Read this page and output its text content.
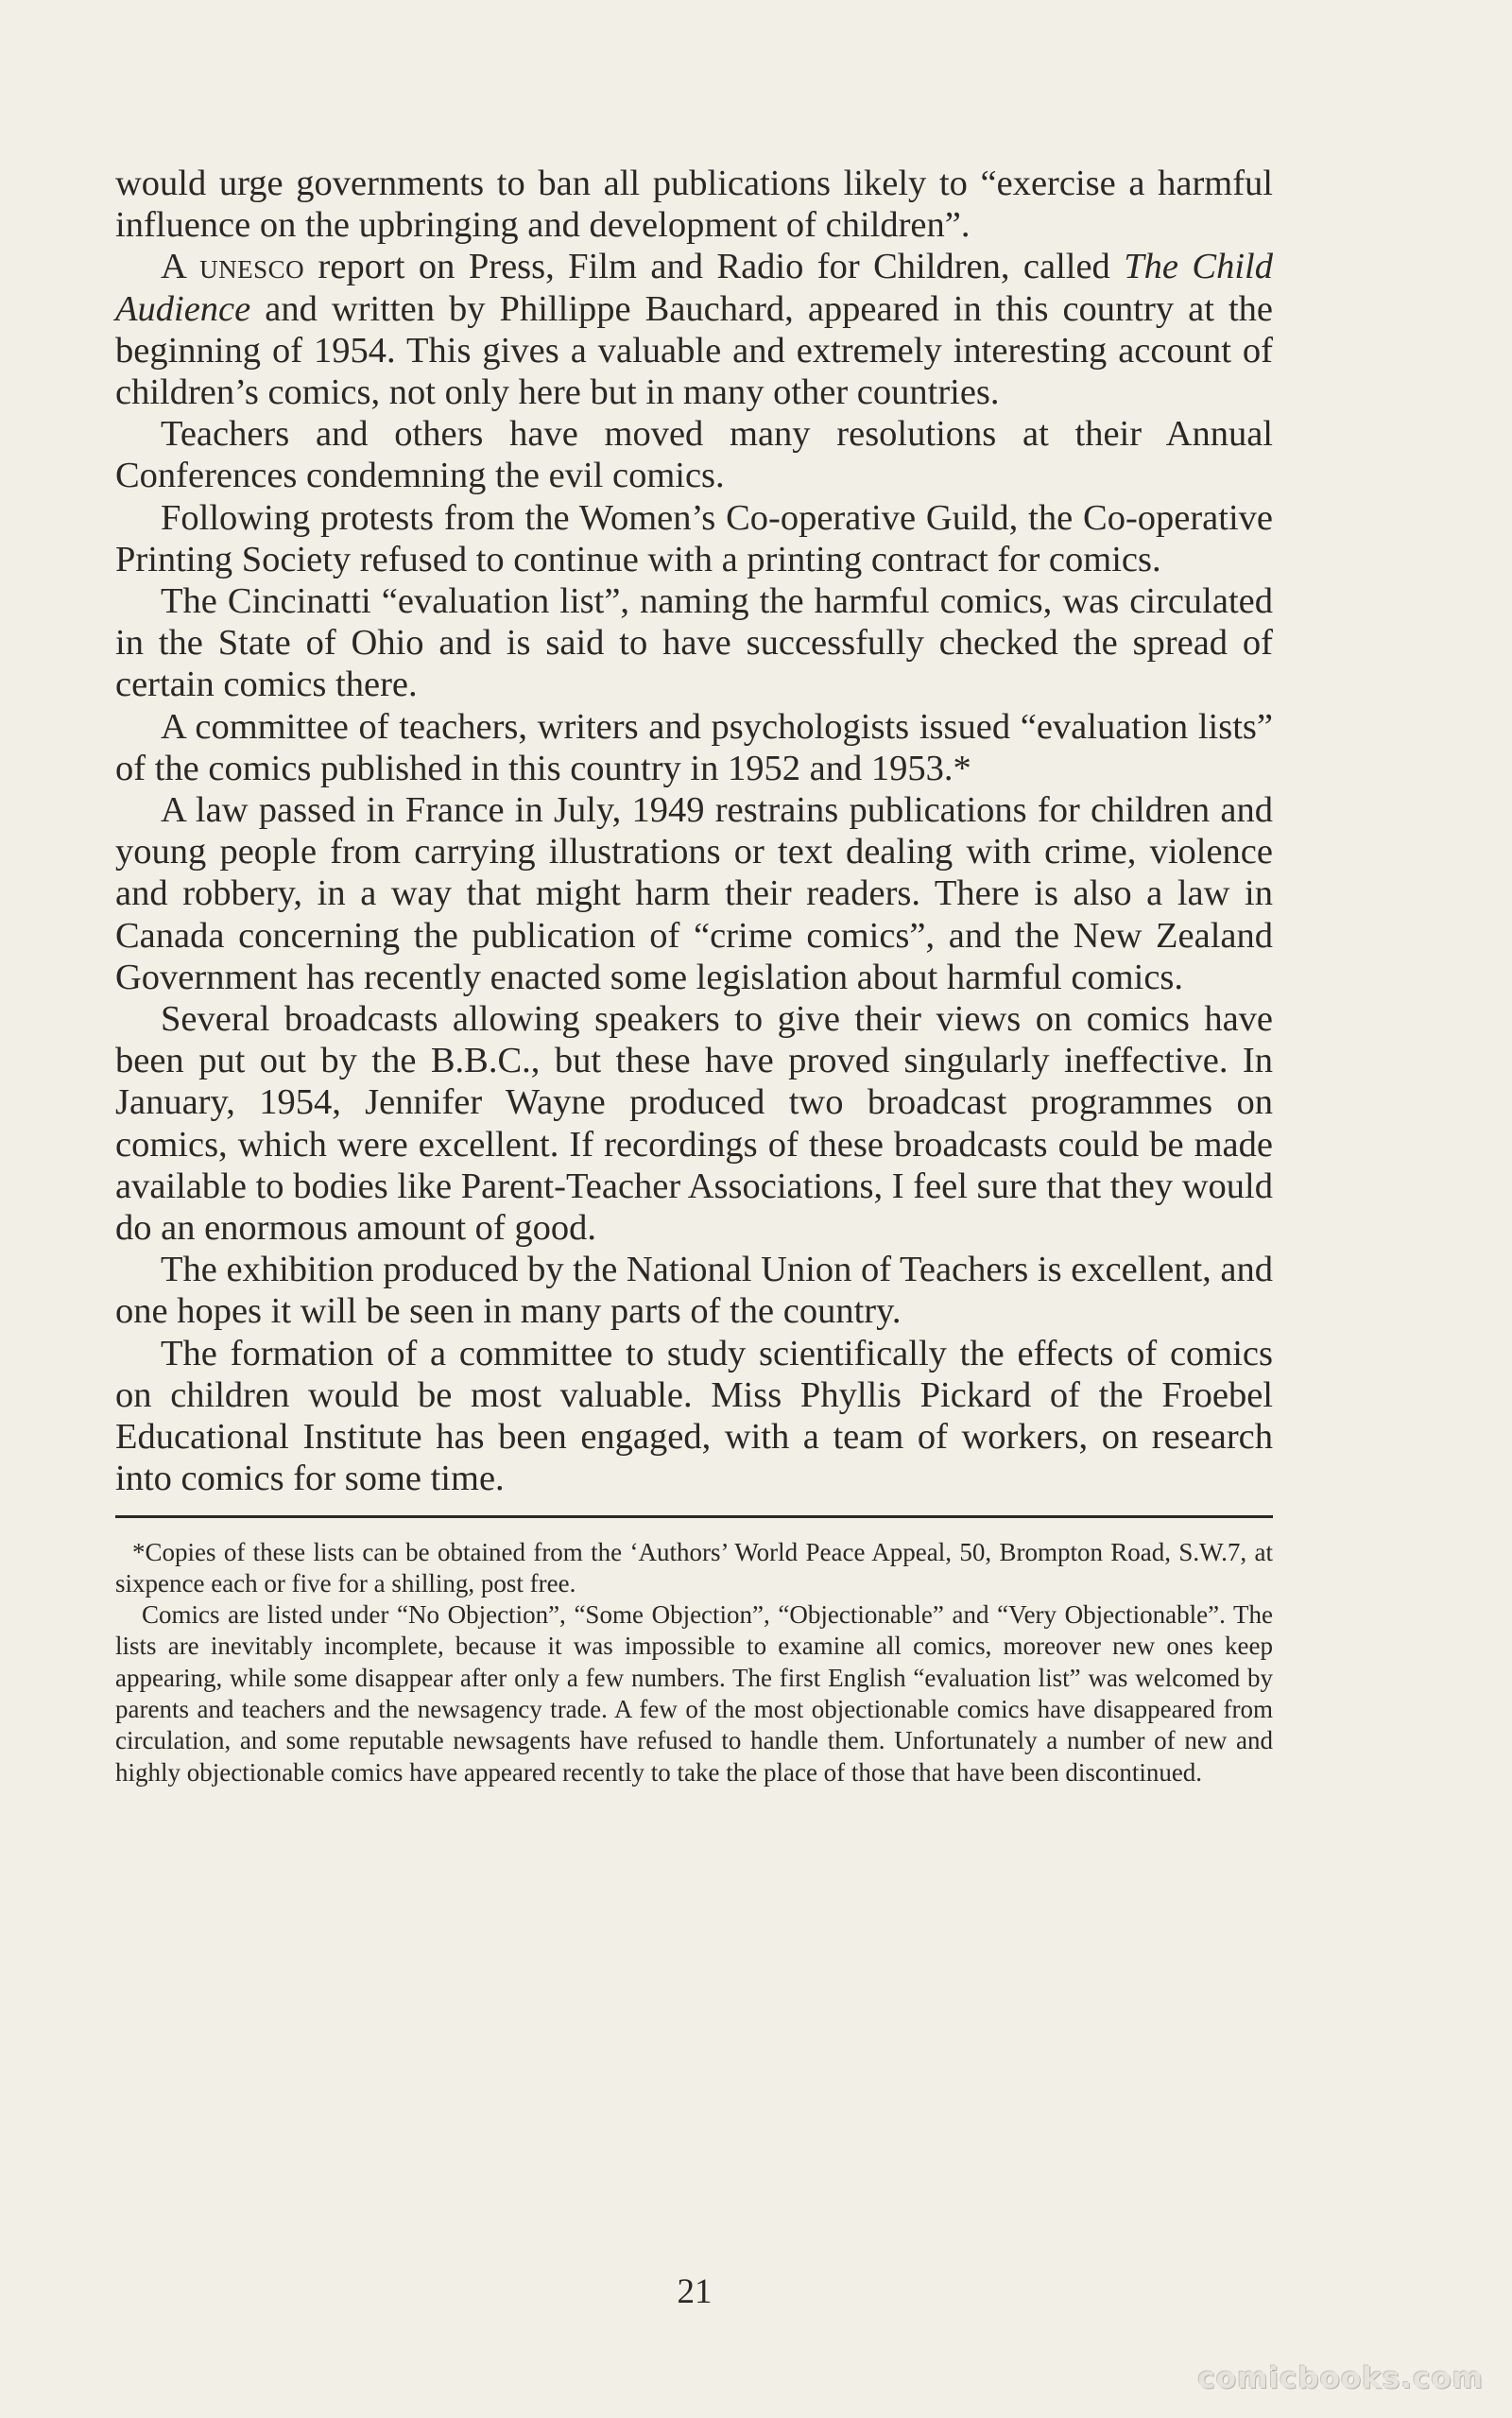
would urge governments to ban all publications likely to “exercise a harmful influence on the upbringing and development of children”.

A unesco report on Press, Film and Radio for Children, called The Child Audience and written by Phillippe Bauchard, appeared in this country at the beginning of 1954. This gives a valuable and extremely interesting account of children’s comics, not only here but in many other countries.

Teachers and others have moved many resolutions at their Annual Conferences condemning the evil comics.

Following protests from the Women’s Co-operative Guild, the Co-operative Printing Society refused to continue with a printing contract for comics.

The Cincinatti “evaluation list”, naming the harmful comics, was circulated in the State of Ohio and is said to have successfully checked the spread of certain comics there.

A committee of teachers, writers and psychologists issued “evaluation lists” of the comics published in this country in 1952 and 1953.*

A law passed in France in July, 1949 restrains publications for children and young people from carrying illustrations or text dealing with crime, violence and robbery, in a way that might harm their readers. There is also a law in Canada concerning the publication of “crime comics”, and the New Zealand Government has recently enacted some legislation about harmful comics.

Several broadcasts allowing speakers to give their views on comics have been put out by the B.B.C., but these have proved singularly ineffective. In January, 1954, Jennifer Wayne produced two broadcast programmes on comics, which were excellent. If recordings of these broadcasts could be made available to bodies like Parent-Teacher Associations, I feel sure that they would do an enormous amount of good.

The exhibition produced by the National Union of Teachers is excellent, and one hopes it will be seen in many parts of the country.

The formation of a committee to study scientifically the effects of comics on children would be most valuable. Miss Phyllis Pickard of the Froebel Educational Institute has been engaged, with a team of workers, on research into comics for some time.

*Copies of these lists can be obtained from the ‘Authors’ World Peace Appeal, 50, Brompton Road, S.W.7, at sixpence each or five for a shilling, post free.

Comics are listed under “No Objection”, “Some Objection”, “Objectionable” and “Very Objectionable”. The lists are inevitably incomplete, because it was impossible to examine all comics, moreover new ones keep appearing, while some disappear after only a few numbers. The first English “evaluation list” was welcomed by parents and teachers and the newsagency trade. A few of the most objectionable comics have disappeared from circulation, and some reputable newsagents have refused to handle them. Unfortunately a number of new and highly objectionable comics have appeared recently to take the place of those that have been discontinued.

21
comicbooks.com
